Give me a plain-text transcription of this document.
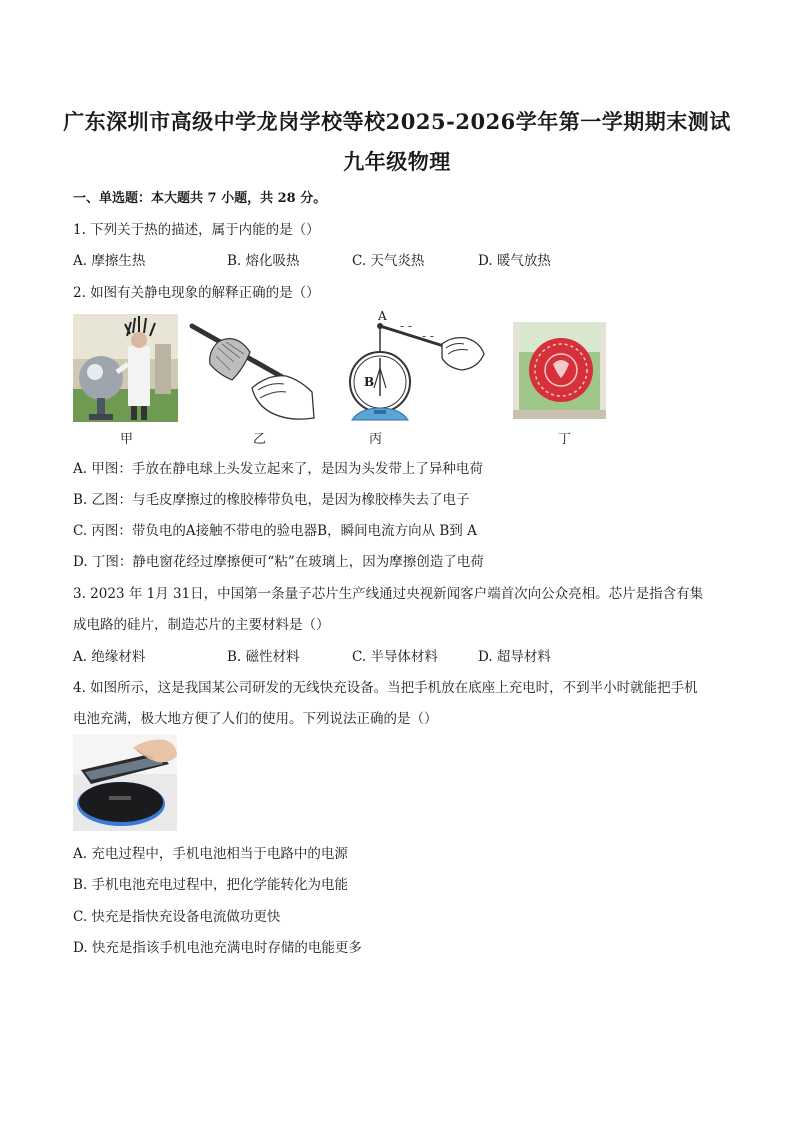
广东深圳市高级中学龙岗学校等校2025-2026学年第一学期期末测试
九年级物理
一、单选题：本大题共 7 小题，共 28 分。
1. 下列关于热的描述，属于内能的是（）
A. 摩擦生热	B. 熔化吸热	C. 天气炎热	D. 暖气放热
2. 如图有关静电现象的解释正确的是（）
A
- -
- -
B
甲	乙	丙	丁
A. 甲图：手放在静电球上头发立起来了，是因为头发带上了异种电荷
B. 乙图：与毛皮摩擦过的橡胶棒带负电，是因为橡胶棒失去了电子
C. 丙图：带负电的A接触不带电的验电器B，瞬间电流方向从 B到 A
D. 丁图：静电窗花经过摩擦便可“粘”在玻璃上，因为摩擦创造了电荷
3. 2023 年 1月 31日，中国第一条量子芯片生产线通过央视新闻客户端首次向公众亮相。芯片是指含有集
成电路的硅片，制造芯片的主要材料是（）
A. 绝缘材料	B. 磁性材料	C. 半导体材料	D. 超导材料
4. 如图所示，这是我国某公司研发的无线快充设备。当把手机放在底座上充电时，不到半小时就能把手机
电池充满，极大地方便了人们的使用。下列说法正确的是（）
A. 充电过程中，手机电池相当于电路中的电源
B. 手机电池充电过程中，把化学能转化为电能
C. 快充是指快充设备电流做功更快
D. 快充是指该手机电池充满电时存储的电能更多
